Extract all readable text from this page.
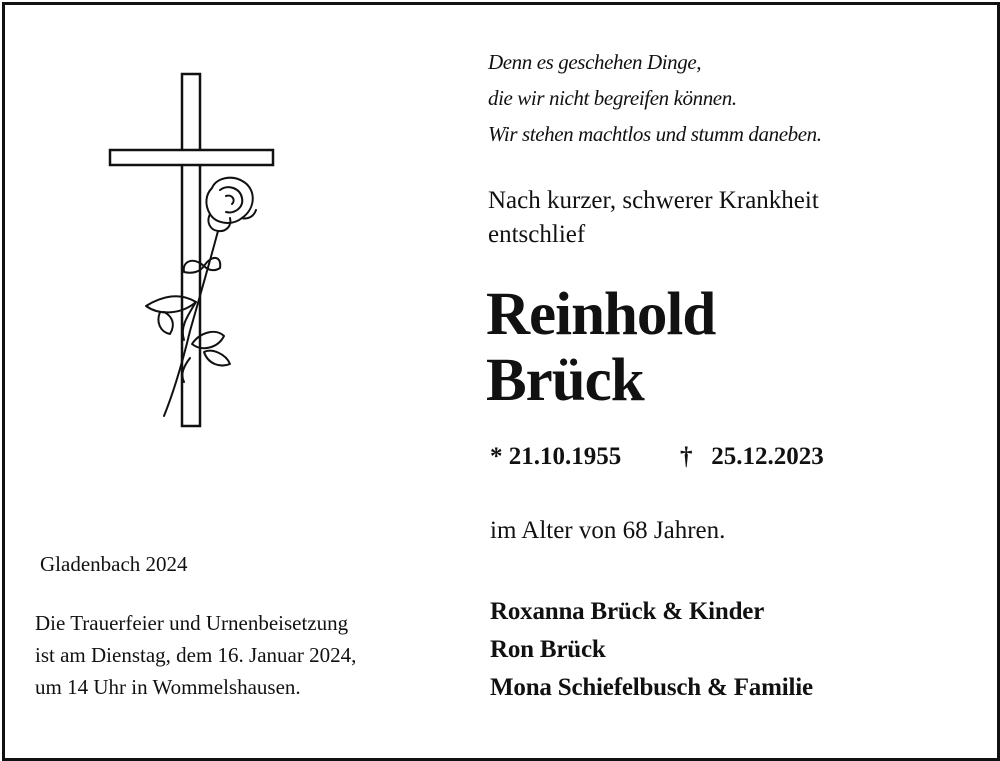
Denn es geschehen Dinge,
die wir nicht begreifen können.
Wir stehen machtlos und stumm daneben.
Nach kurzer, schwerer Krankheit
entschlief
Reinhold
Brück
* 21.10.1955 † 25.12.2023
im Alter von 68 Jahren.
Roxanna Brück & Kinder
Ron Brück
Mona Schiefelbusch & Familie
Gladenbach 2024
Die Trauerfeier und Urnenbeisetzung
ist am Dienstag, dem 16. Januar 2024,
um 14 Uhr in Wommelshausen.
